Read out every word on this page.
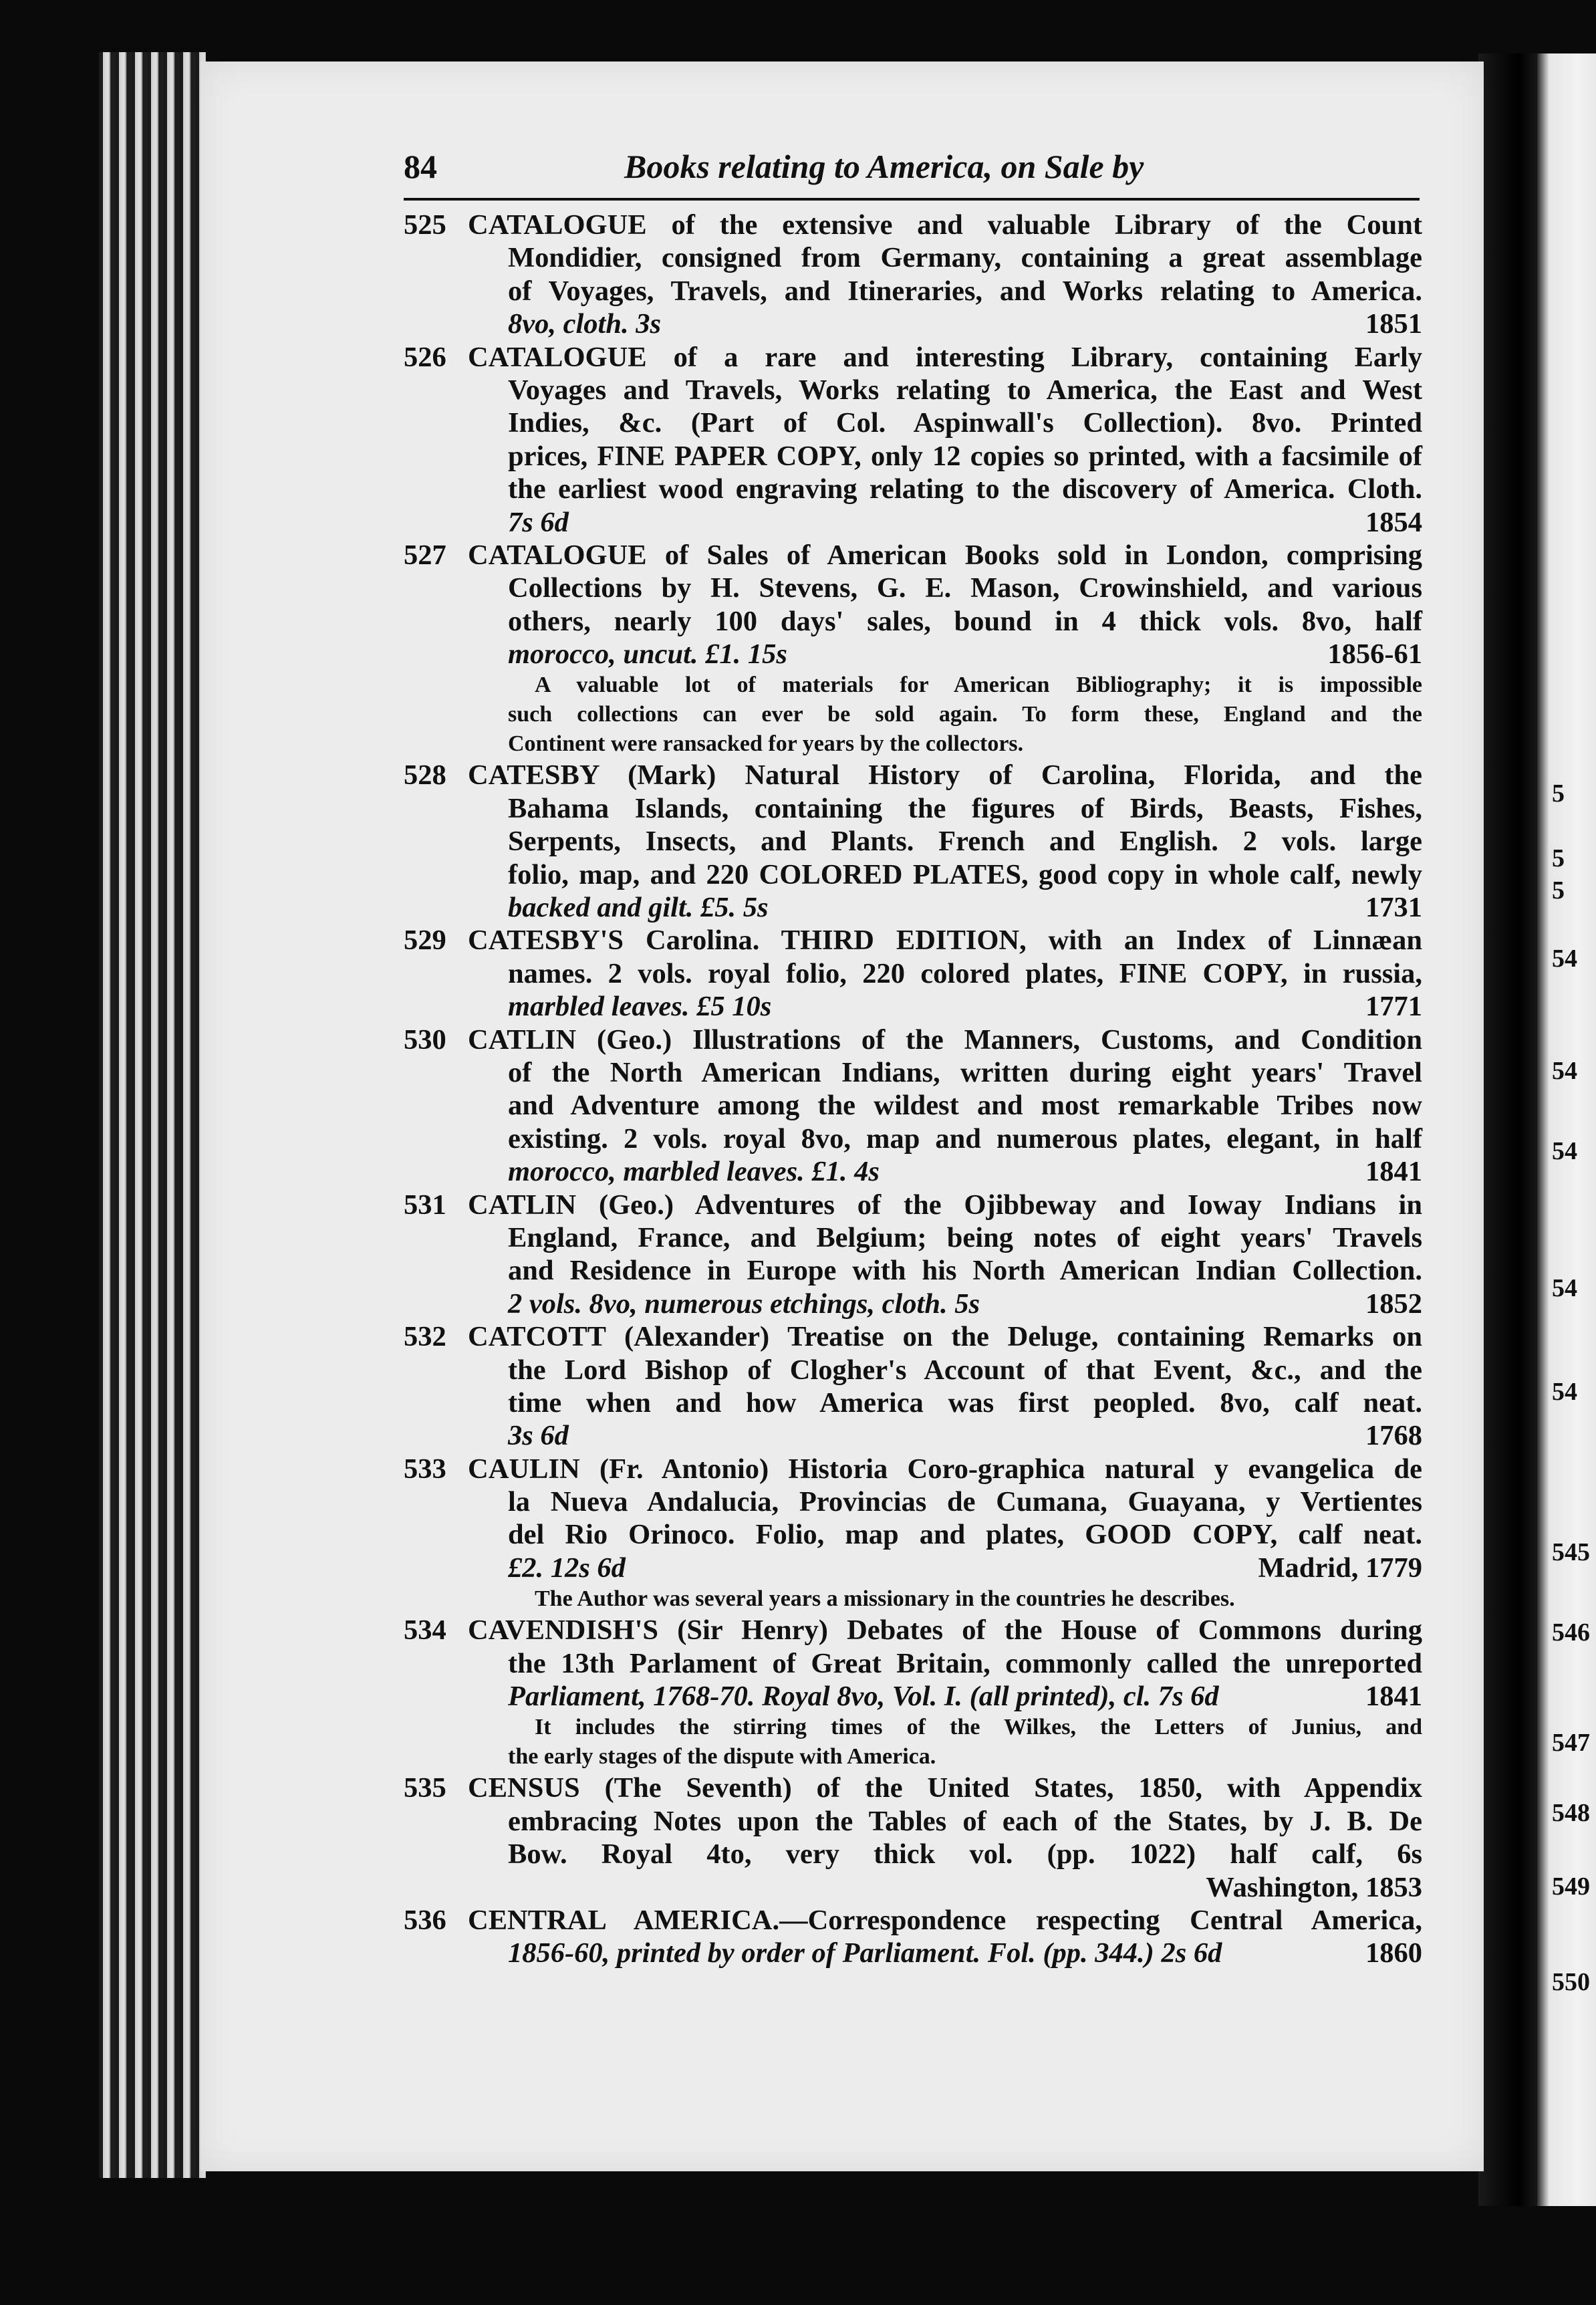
5
5
5
54
54
54
54
54
545
546
547
548
549
550
84	Books relating to America, on Sale by
525 CATALOGUE of the extensive and valuable Library of the Count
Mondidier, consigned from Germany, containing a great assemblage
of Voyages, Travels, and Itineraries, and Works relating to America.
8vo, cloth. 3s	1851
526 CATALOGUE of a rare and interesting Library, containing Early
Voyages and Travels, Works relating to America, the East and West
Indies, &c. (Part of Col. Aspinwall's Collection). 8vo. Printed
prices, FINE PAPER COPY, only 12 copies so printed, with a facsimile of
the earliest wood engraving relating to the discovery of America. Cloth.
7s 6d	1854
527 CATALOGUE of Sales of American Books sold in London, comprising
Collections by H. Stevens, G. E. Mason, Crowinshield, and various
others, nearly 100 days' sales, bound in 4 thick vols. 8vo, half
morocco, uncut. £1. 15s	1856-61
A valuable lot of materials for American Bibliography; it is impossible
such collections can ever be sold again. To form these, England and the
Continent were ransacked for years by the collectors.
528 CATESBY (Mark) Natural History of Carolina, Florida, and the
Bahama Islands, containing the figures of Birds, Beasts, Fishes,
Serpents, Insects, and Plants. French and English. 2 vols. large
folio, map, and 220 COLORED PLATES, good copy in whole calf, newly
backed and gilt. £5. 5s	1731
529 CATESBY'S Carolina. THIRD EDITION, with an Index of Linnæan
names. 2 vols. royal folio, 220 colored plates, FINE COPY, in russia,
marbled leaves. £5 10s	1771
530 CATLIN (Geo.) Illustrations of the Manners, Customs, and Condition
of the North American Indians, written during eight years' Travel
and Adventure among the wildest and most remarkable Tribes now
existing. 2 vols. royal 8vo, map and numerous plates, elegant, in half
morocco, marbled leaves. £1. 4s	1841
531 CATLIN (Geo.) Adventures of the Ojibbeway and Ioway Indians in
England, France, and Belgium; being notes of eight years' Travels
and Residence in Europe with his North American Indian Collection.
2 vols. 8vo, numerous etchings, cloth. 5s	1852
532 CATCOTT (Alexander) Treatise on the Deluge, containing Remarks on
the Lord Bishop of Clogher's Account of that Event, &c., and the
time when and how America was first peopled. 8vo, calf neat.
3s 6d	1768
533 CAULIN (Fr. Antonio) Historia Coro-graphica natural y evangelica de
la Nueva Andalucia, Provincias de Cumana, Guayana, y Vertientes
del Rio Orinoco. Folio, map and plates, GOOD COPY, calf neat.
£2. 12s 6d	Madrid, 1779
The Author was several years a missionary in the countries he describes.
534 CAVENDISH'S (Sir Henry) Debates of the House of Commons during
the 13th Parlament of Great Britain, commonly called the unreported
Parliament, 1768-70. Royal 8vo, Vol. I. (all printed), cl. 7s 6d	1841
It includes the stirring times of the Wilkes, the Letters of Junius, and
the early stages of the dispute with America.
535 CENSUS (The Seventh) of the United States, 1850, with Appendix
embracing Notes upon the Tables of each of the States, by J. B. De
Bow. Royal 4to, very thick vol. (pp. 1022) half calf, 6s
Washington, 1853
536 CENTRAL AMERICA.—Correspondence respecting Central America,
1856-60, printed by order of Parliament. Fol. (pp. 344.) 2s 6d	1860
